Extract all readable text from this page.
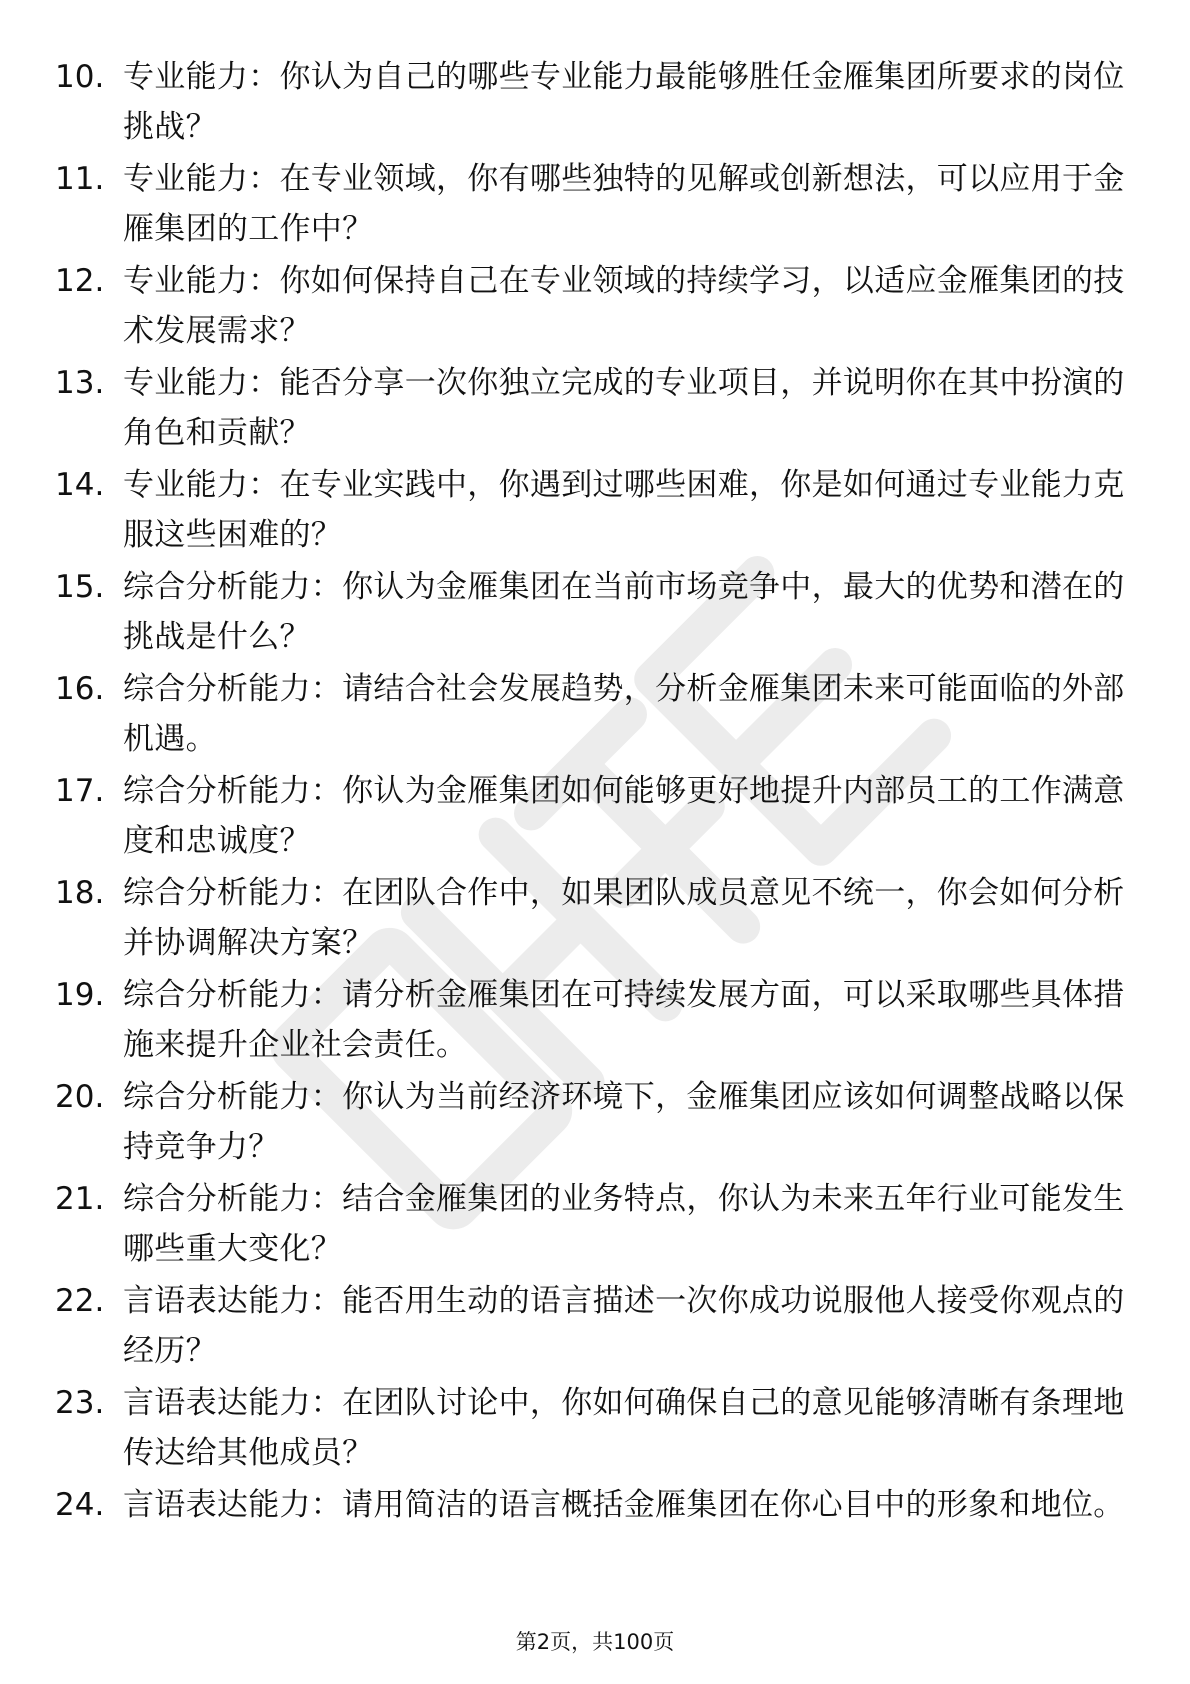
10. 专业能力：你认为自己的哪些专业能力最能够胜任金雁集团所要求的岗位挑战？
11. 专业能力：在专业领域，你有哪些独特的见解或创新想法，可以应用于金雁集团的工作中？
12. 专业能力：你如何保持自己在专业领域的持续学习，以适应金雁集团的技术发展需求？
13. 专业能力：能否分享一次你独立完成的专业项目，并说明你在其中扮演的角色和贡献？
14. 专业能力：在专业实践中，你遇到过哪些困难，你是如何通过专业能力克服这些困难的？
15. 综合分析能力：你认为金雁集团在当前市场竞争中，最大的优势和潜在的挑战是什么？
16. 综合分析能力：请结合社会发展趋势，分析金雁集团未来可能面临的外部机遇。
17. 综合分析能力：你认为金雁集团如何能够更好地提升内部员工的工作满意度和忠诚度？
18. 综合分析能力：在团队合作中，如果团队成员意见不统一，你会如何分析并协调解决方案？
19. 综合分析能力：请分析金雁集团在可持续发展方面，可以采取哪些具体措施来提升企业社会责任。
20. 综合分析能力：你认为当前经济环境下，金雁集团应该如何调整战略以保持竞争力？
21. 综合分析能力：结合金雁集团的业务特点，你认为未来五年行业可能发生哪些重大变化？
22. 言语表达能力：能否用生动的语言描述一次你成功说服他人接受你观点的经历？
23. 言语表达能力：在团队讨论中，你如何确保自己的意见能够清晰有条理地传达给其他成员？
24. 言语表达能力：请用简洁的语言概括金雁集团在你心目中的形象和地位。
第2页，共100页
